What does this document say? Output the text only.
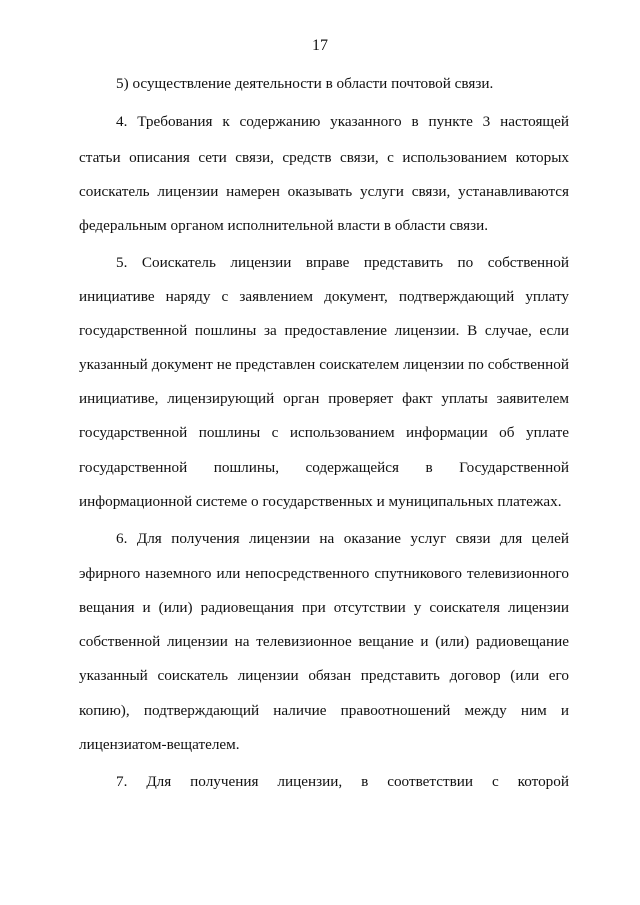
17
5) осуществление деятельности в области почтовой связи.
4. Требования к содержанию указанного в пункте 3 настоящей
статьи описания сети связи, средств связи, с использованием которых
соискатель лицензии намерен оказывать услуги связи, устанавливаются
федеральным органом исполнительной власти в области связи.
5. Соискатель лицензии вправе представить по собственной
инициативе наряду с заявлением документ, подтверждающий уплату
государственной пошлины за предоставление лицензии. В случае, если
указанный документ не представлен соискателем лицензии по собственной
инициативе, лицензирующий орган проверяет факт уплаты заявителем
государственной пошлины с использованием информации об уплате
государственной пошлины, содержащейся в Государственной
информационной системе о государственных и муниципальных платежах.
6. Для получения лицензии на оказание услуг связи для целей
эфирного наземного или непосредственного спутникового телевизионного
вещания и (или) радиовещания при отсутствии у соискателя лицензии
собственной лицензии на телевизионное вещание и (или) радиовещание
указанный соискатель лицензии обязан представить договор (или его
копию), подтверждающий наличие правоотношений между ним и
лицензиатом-вещателем.
7. Для получения лицензии, в соответствии с которой
